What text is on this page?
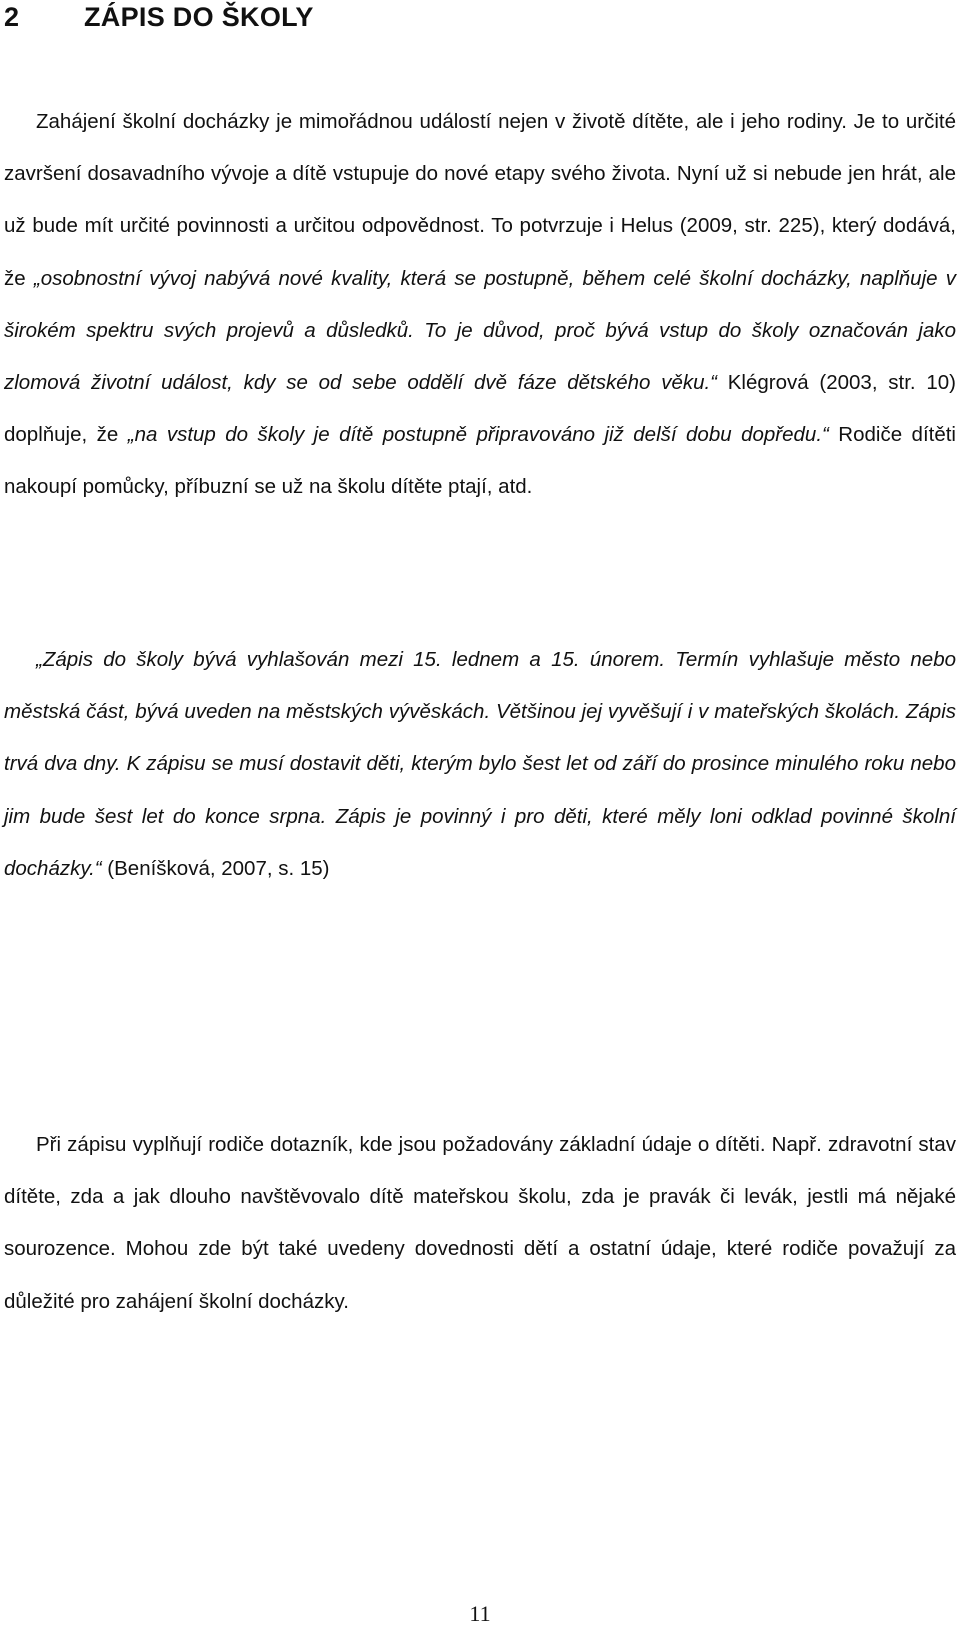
2 ZÁPIS DO ŠKOLY

Zahájení školní docházky je mimořádnou událostí nejen v životě dítěte, ale i jeho rodiny. Je to určité završení dosavadního vývoje a dítě vstupuje do nové etapy svého života. Nyní už si nebude jen hrát, ale už bude mít určité povinnosti a určitou odpovědnost. To potvrzuje i Helus (2009, str. 225), který dodává, že „osobnostní vývoj nabývá nové kvality, která se postupně, během celé školní docházky, naplňuje v širokém spektru svých projevů a důsledků. To je důvod, proč bývá vstup do školy označován jako zlomová životní událost, kdy se od sebe oddělí dvě fáze dětského věku.“ Klégrová (2003, str. 10) doplňuje, že „na vstup do školy je dítě postupně připravováno již delší dobu dopředu.“ Rodiče dítěti nakoupí pomůcky, příbuzní se už na školu dítěte ptají, atd.

„Zápis do školy bývá vyhlašován mezi 15. lednem a 15. únorem. Termín vyhlašuje město nebo městská část, bývá uveden na městských vývěskách. Většinou jej vyvěšují i v mateřských školách. Zápis trvá dva dny. K zápisu se musí dostavit děti, kterým bylo šest let od září do prosince minulého roku nebo jim bude šest let do konce srpna. Zápis je povinný i pro děti, které měly loni odklad povinné školní docházky.“ (Beníšková, 2007, s. 15)

Při zápisu vyplňují rodiče dotazník, kde jsou požadovány základní údaje o dítěti. Např. zdravotní stav dítěte, zda a jak dlouho navštěvovalo dítě mateřskou školu, zda je pravák či levák, jestli má nějaké sourozence. Mohou zde být také uvedeny dovednosti dětí a ostatní údaje, které rodiče považují za důležité pro zahájení školní docházky.

11
